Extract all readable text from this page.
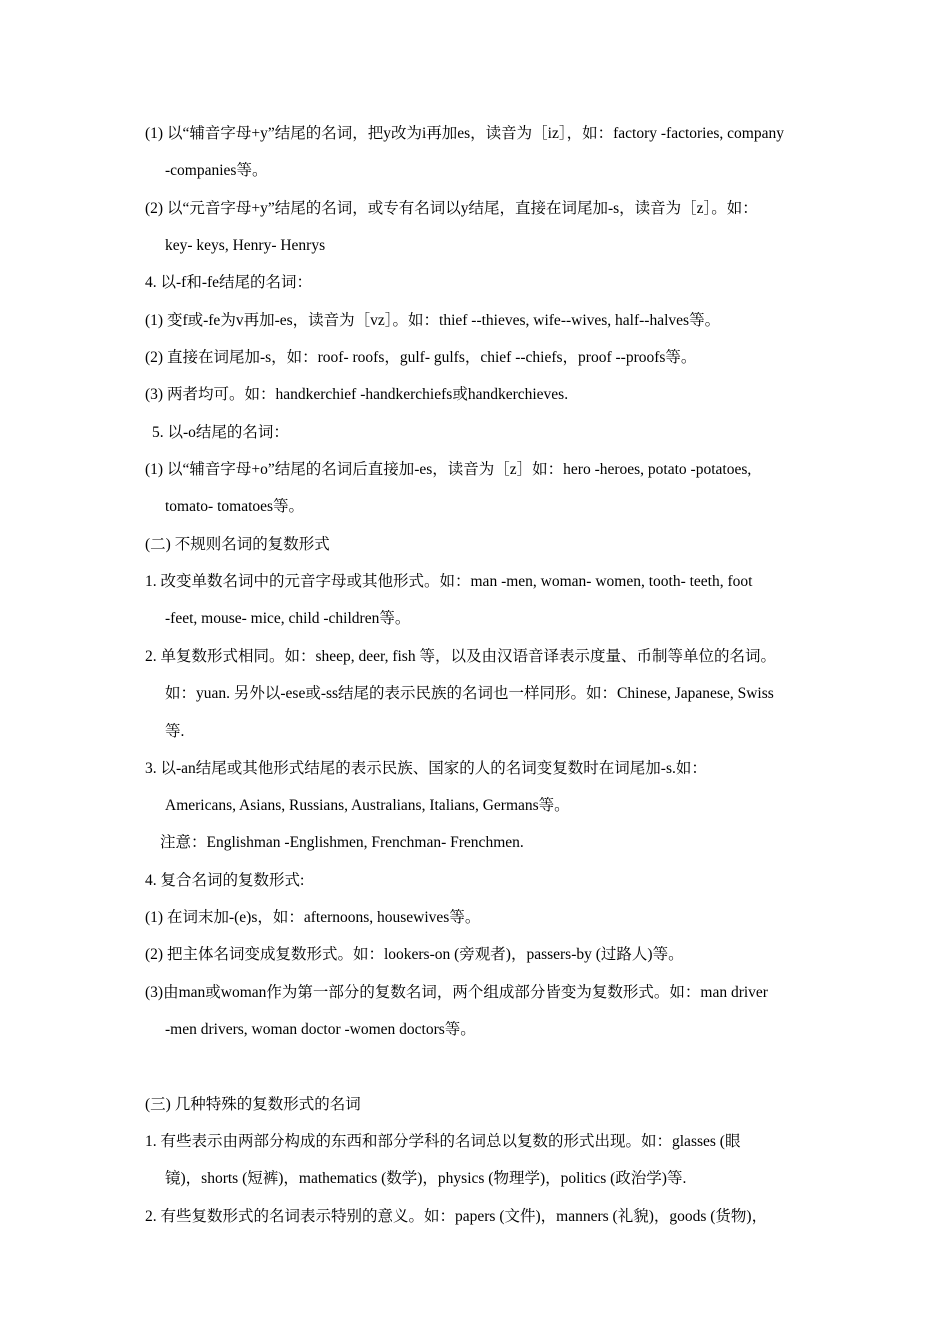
(1) 以“辅音字母+y”结尾的名词，把y改为i再加es，读音为［iz］，如：factory -factories, company
-companies等。
(2) 以“元音字母+y”结尾的名词，或专有名词以y结尾，直接在词尾加-s，读音为［z］。如：
key- keys, Henry- Henrys
4. 以-f和-fe结尾的名词：
(1) 变f或-fe为v再加-es，读音为［vz］。如：thief --thieves, wife--wives, half--halves等。
(2) 直接在词尾加-s，如：roof- roofs，gulf- gulfs，chief --chiefs，proof --proofs等。
(3) 两者均可。如：handkerchief -handkerchiefs或handkerchieves.
5. 以-o结尾的名词：
(1) 以“辅音字母+o”结尾的名词后直接加-es，读音为［z］如：hero -heroes, potato -potatoes,
tomato- tomatoes等。
(二) 不规则名词的复数形式
1. 改变单数名词中的元音字母或其他形式。如：man -men, woman- women, tooth- teeth, foot
-feet, mouse- mice, child -children等。
2. 单复数形式相同。如：sheep, deer, fish 等，以及由汉语音译表示度量、币制等单位的名词。
如：yuan. 另外以-ese或-ss结尾的表示民族的名词也一样同形。如：Chinese, Japanese, Swiss
等.
3. 以-an结尾或其他形式结尾的表示民族、国家的人的名词变复数时在词尾加-s.如：
Americans, Asians, Russians, Australians, Italians, Germans等。
注意：Englishman -Englishmen, Frenchman- Frenchmen.
4. 复合名词的复数形式:
(1) 在词末加-(e)s，如：afternoons, housewives等。
(2) 把主体名词变成复数形式。如：lookers-on (旁观者)，passers-by (过路人)等。
(3)由man或woman作为第一部分的复数名词，两个组成部分皆变为复数形式。如：man driver
-men drivers, woman doctor -women doctors等。
(三) 几种特殊的复数形式的名词
1. 有些表示由两部分构成的东西和部分学科的名词总以复数的形式出现。如：glasses (眼
镜)，shorts (短裤)，mathematics (数学)，physics (物理学)，politics (政治学)等.
2. 有些复数形式的名词表示特别的意义。如：papers (文件)，manners (礼貌)，goods (货物)，
